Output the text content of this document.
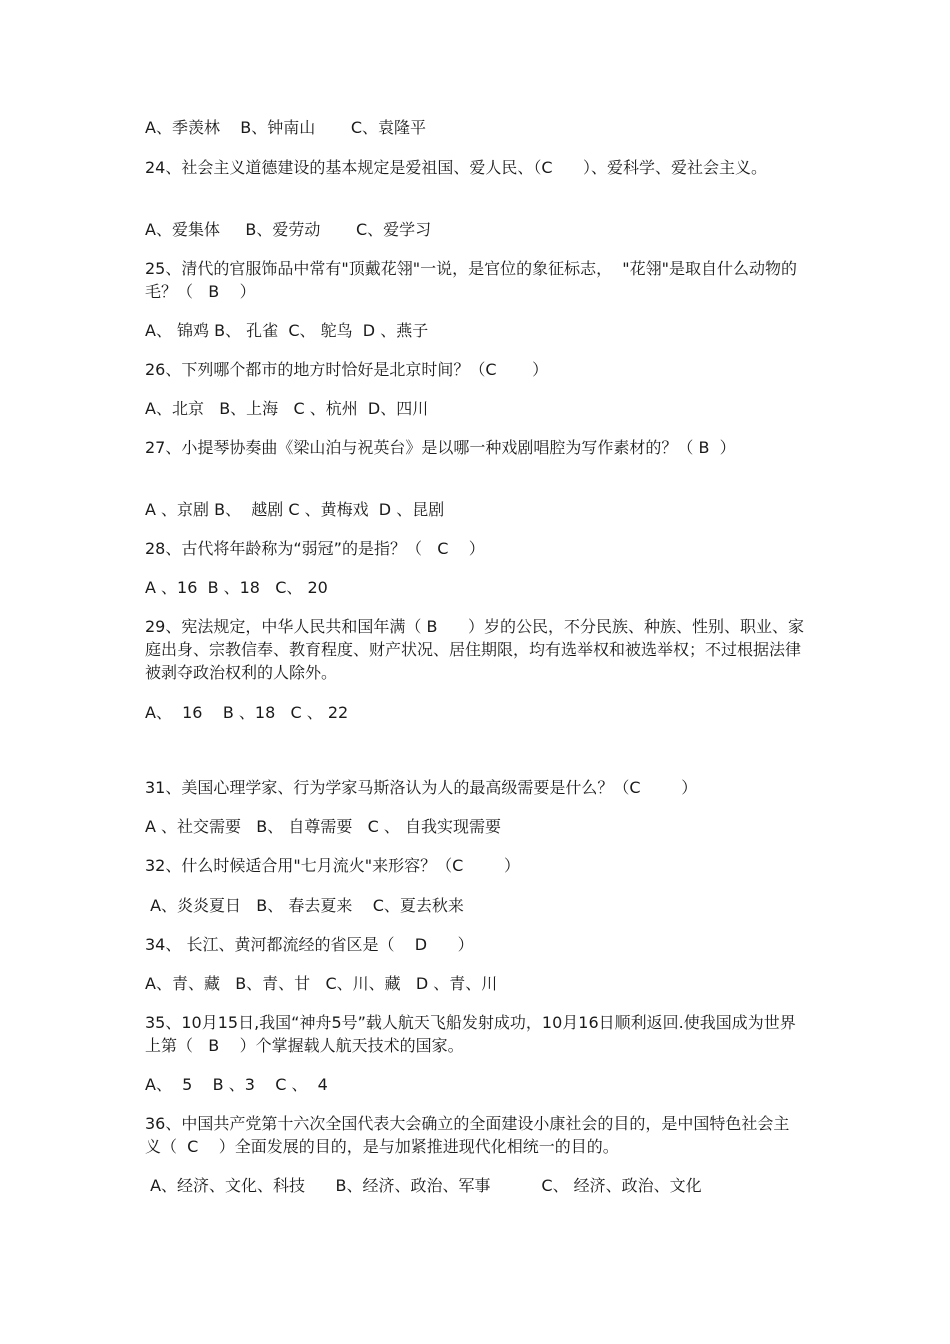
A、季羡林    B、钟南山       C、袁隆平

24、社会主义道德建设的基本规定是爱祖国、爱人民、（C      ）、爱科学、爱社会主义。

A、爱集体     B、爱劳动       C、爱学习

25、清代的官服饰品中常有"顶戴花翎"一说，是官位的象征标志，  "花翎"是取自什么动物的毛？（   B    ）

A、 锦鸡 B、 孔雀  C、 鸵鸟  D 、燕子

26、下列哪个都市的地方时恰好是北京时间？（C       ）

A、北京   B、上海   C 、杭州  D、四川

27、小提琴协奏曲《梁山泊与祝英台》是以哪一种戏剧唱腔为写作素材的？（ B  ）

A 、京剧 B、  越剧 C 、黄梅戏  D 、昆剧

28、古代将年龄称为“弱冠”的是指？（   C    ）

A 、16  B 、18   C、 20

29、宪法规定，中华人民共和国年满（ B      ）岁的公民，不分民族、种族、性别、职业、家庭出身、宗教信奉、教育程度、财产状况、居住期限，均有选举权和被选举权；不过根据法律被剥夺政治权利的人除外。

A、  16    B 、18   C 、 22

31、美国心理学家、行为学家马斯洛认为人的最高级需要是什么？（C        ）

A 、社交需要   B、 自尊需要   C 、 自我实现需要

32、什么时候适合用"七月流火"来形容？（C        ）

A、炎炎夏日   B、 春去夏来    C、夏去秋来

34、 长江、黄河都流经的省区是（    D      ）

A、青、藏   B、青、甘   C、川、藏   D 、青、川

35、10月15日,我国“神舟5号”载人航天飞船发射成功，10月16日顺利返回.使我国成为世界上第（   B    ）个掌握载人航天技术的国家。

A、  5    B 、3    C 、  4

36、中国共产党第十六次全国代表大会确立的全面建设小康社会的目的，是中国特色社会主义（  C    ）全面发展的目的，是与加紧推进现代化相统一的目的。

A、经济、文化、科技      B、经济、政治、军事          C、 经济、政治、文化
